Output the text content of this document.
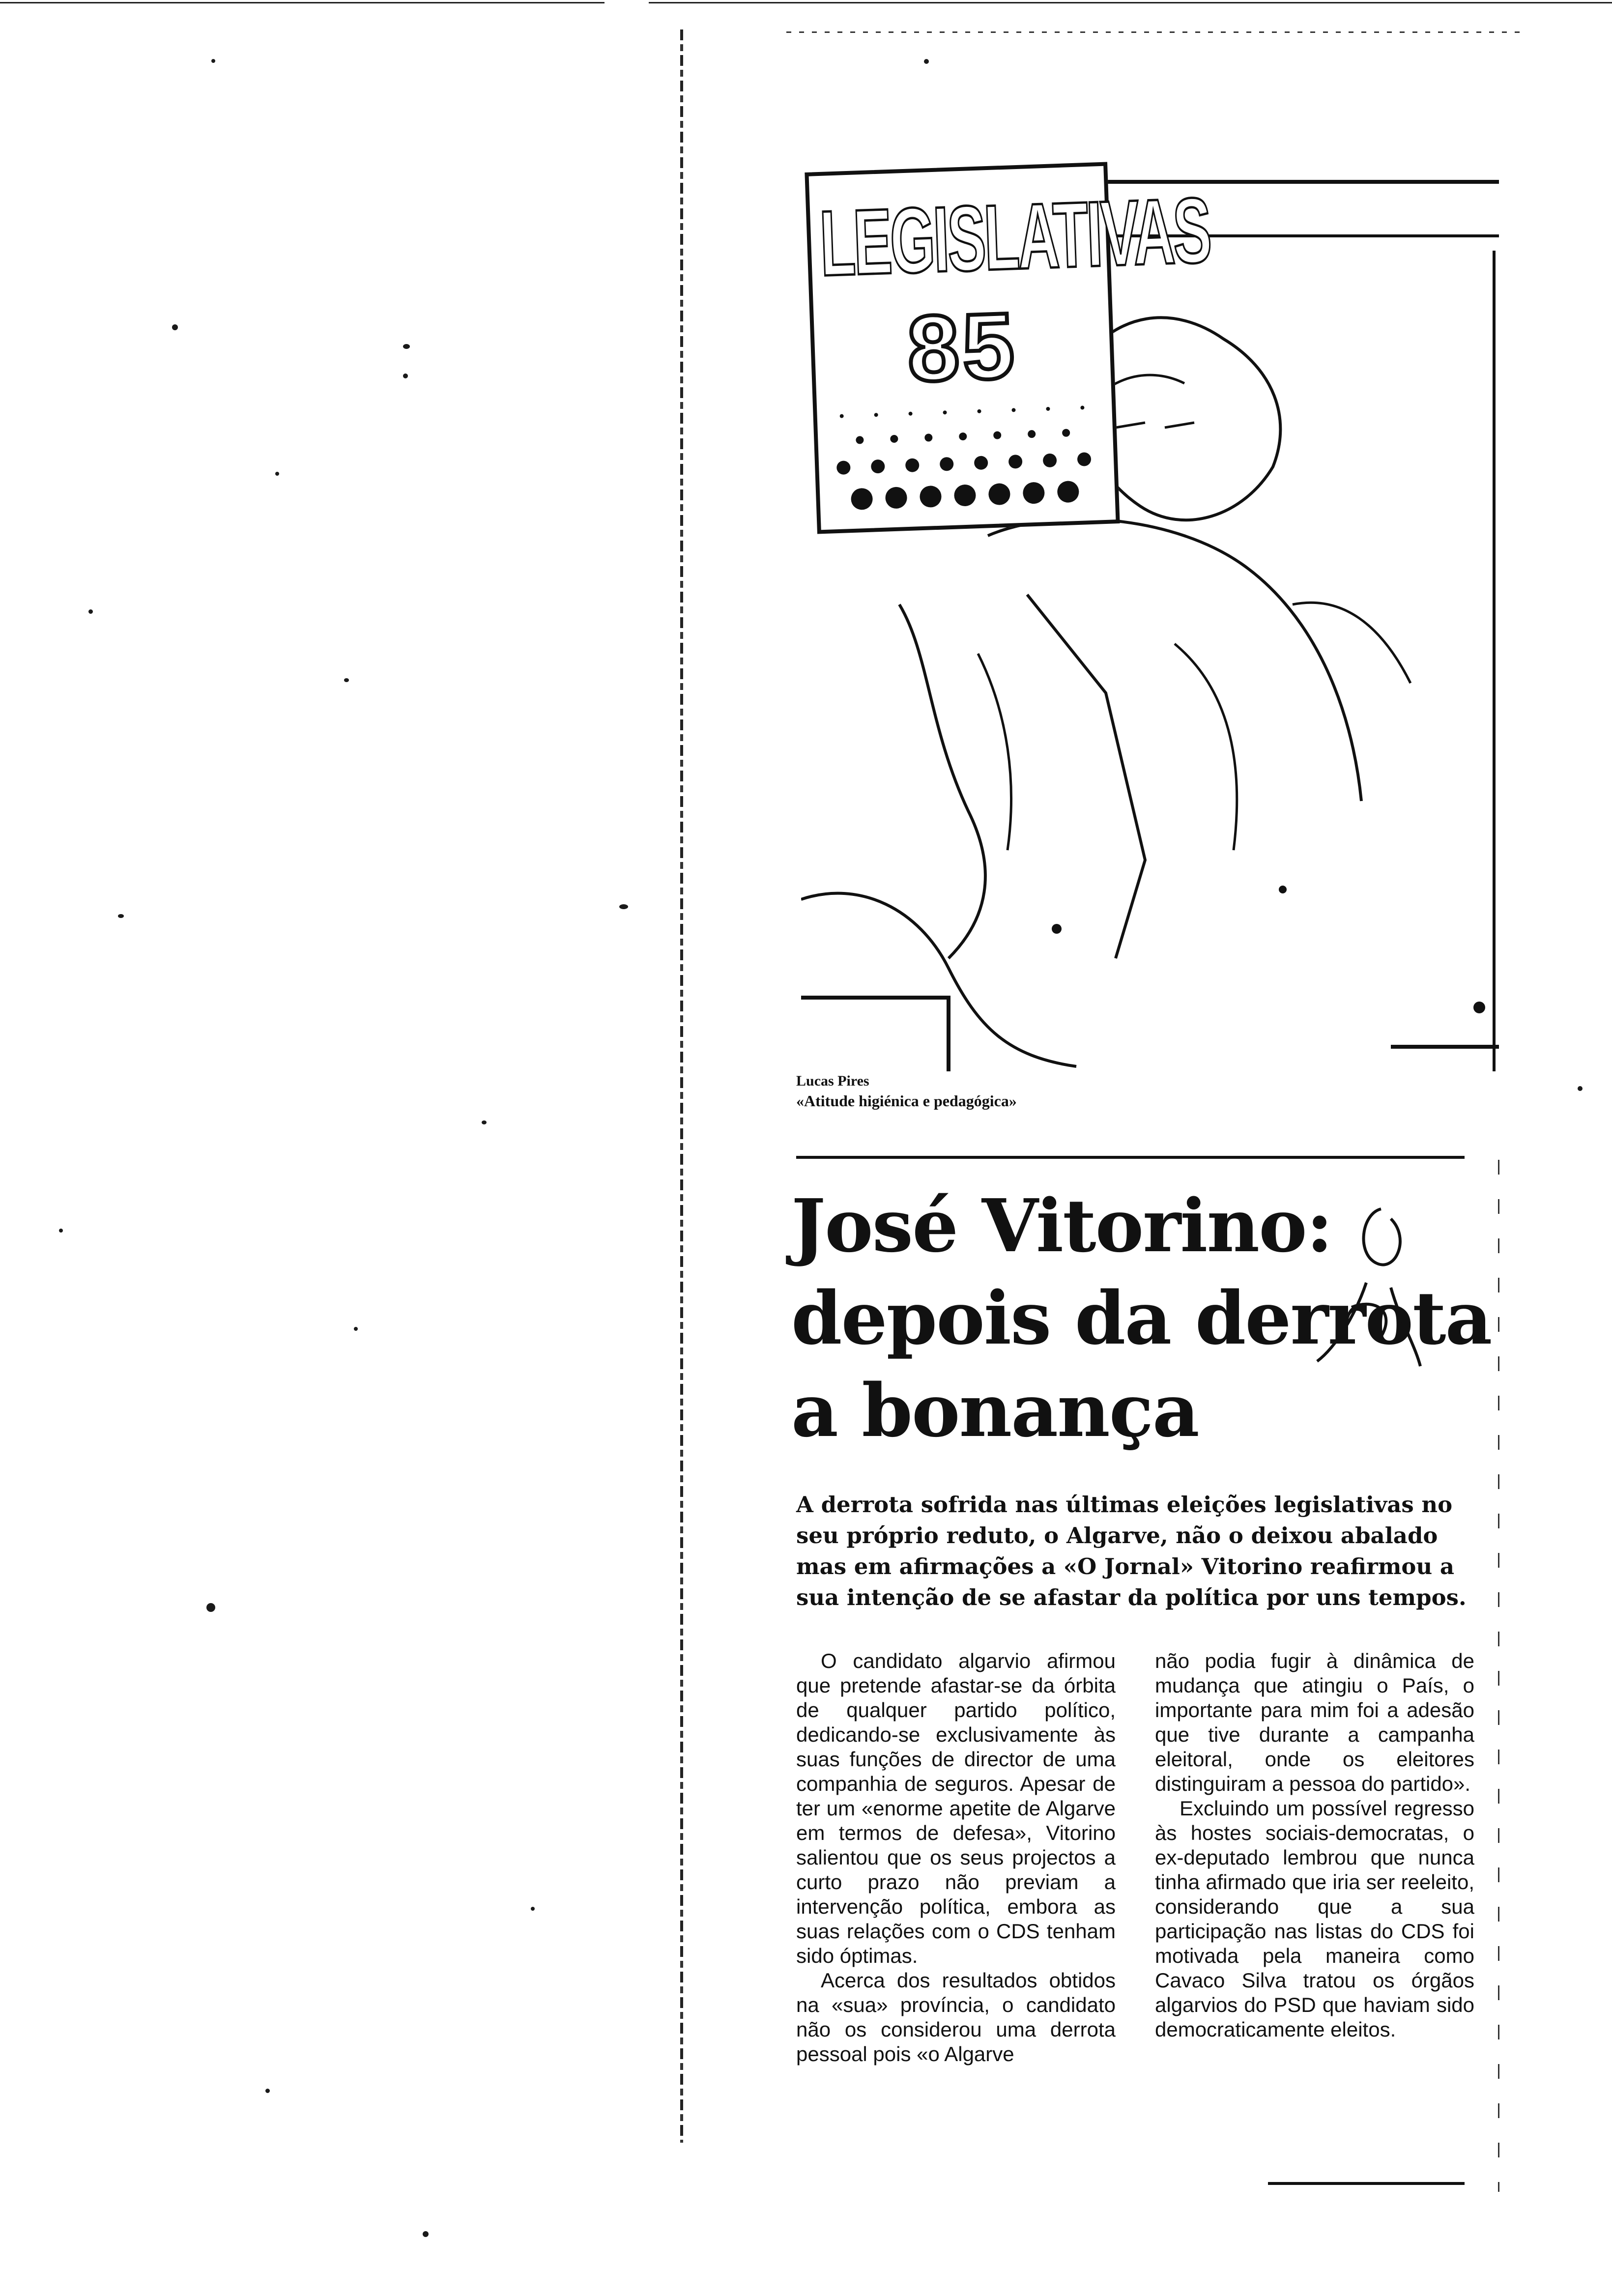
LEGISLATIVAS
85
Lucas Pires
«Atitude higiénica e pedagógica»
José Vitorino:
depois da derrota
a bonança
A derrota sofrida nas últimas eleições legislativas no seu próprio reduto, o Algarve, não o deixou abalado mas em afirmações a «O Jornal» Vitorino reafirmou a sua intenção de se afastar da política por uns tempos.

O candidato algarvio afirmou que pretende afastar-se da órbita de qualquer partido político, dedicando-se exclusivamente às suas funções de director de uma companhia de seguros. Apesar de ter um «enorme apetite de Algarve em termos de defesa», Vitorino salientou que os seus projectos a curto prazo não previam a intervenção política, embora as suas relações com o CDS tenham sido óptimas.

Acerca dos resultados obtidos na «sua» província, o candidato não os considerou uma derrota pessoal pois «o Algarve

não podia fugir à dinâmica de mudança que atingiu o País, o importante para mim foi a adesão que tive durante a campanha eleitoral, onde os eleitores distinguiram a pessoa do partido».

Excluindo um possível regresso às hostes sociais-democratas, o ex-deputado lembrou que nunca tinha afirmado que iria ser reeleito, considerando que a sua participação nas listas do CDS foi motivada pela maneira como Cavaco Silva tratou os órgãos algarvios do PSD que haviam sido democraticamente eleitos.
